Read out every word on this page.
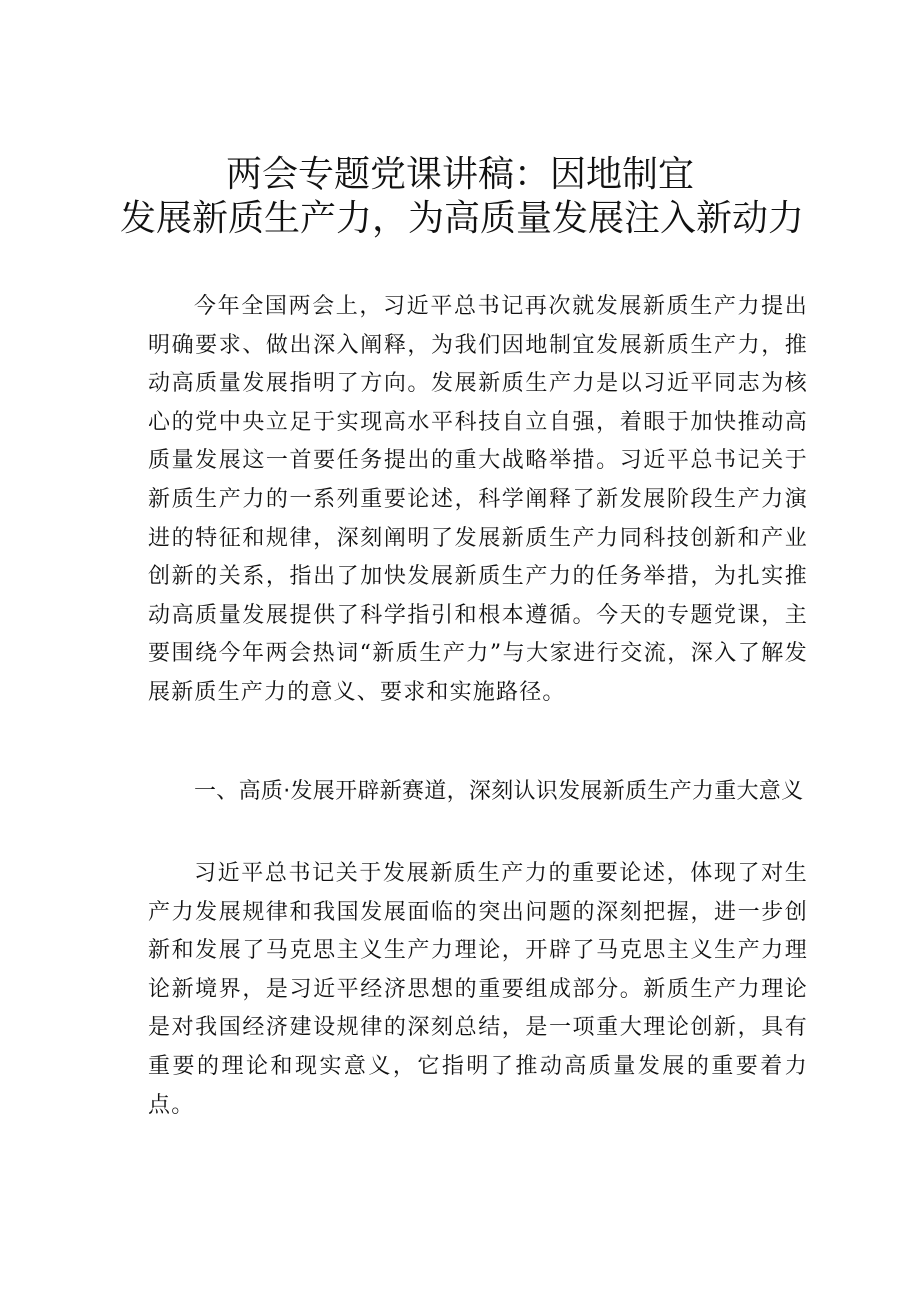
两会专题党课讲稿：因地制宜
发展新质生产力，为高质量发展注入新动力

今年全国两会上，习近平总书记再次就发展新质生产力提出明确要求、做出深入阐释，为我们因地制宜发展新质生产力，推动高质量发展指明了方向。发展新质生产力是以习近平同志为核心的党中央立足于实现高水平科技自立自强，着眼于加快推动高质量发展这一首要任务提出的重大战略举措。习近平总书记关于新质生产力的一系列重要论述，科学阐释了新发展阶段生产力演进的特征和规律，深刻阐明了发展新质生产力同科技创新和产业创新的关系，指出了加快发展新质生产力的任务举措，为扎实推动高质量发展提供了科学指引和根本遵循。今天的专题党课，主要围绕今年两会热词“新质生产力”与大家进行交流，深入了解发展新质生产力的意义、要求和实施路径。

一、高质·发展开辟新赛道，深刻认识发展新质生产力重大意义

习近平总书记关于发展新质生产力的重要论述，体现了对生产力发展规律和我国发展面临的突出问题的深刻把握，进一步创新和发展了马克思主义生产力理论，开辟了马克思主义生产力理论新境界，是习近平经济思想的重要组成部分。新质生产力理论是对我国经济建设规律的深刻总结，是一项重大理论创新，具有重要的理论和现实意义，它指明了推动高质量发展的重要着力点。
